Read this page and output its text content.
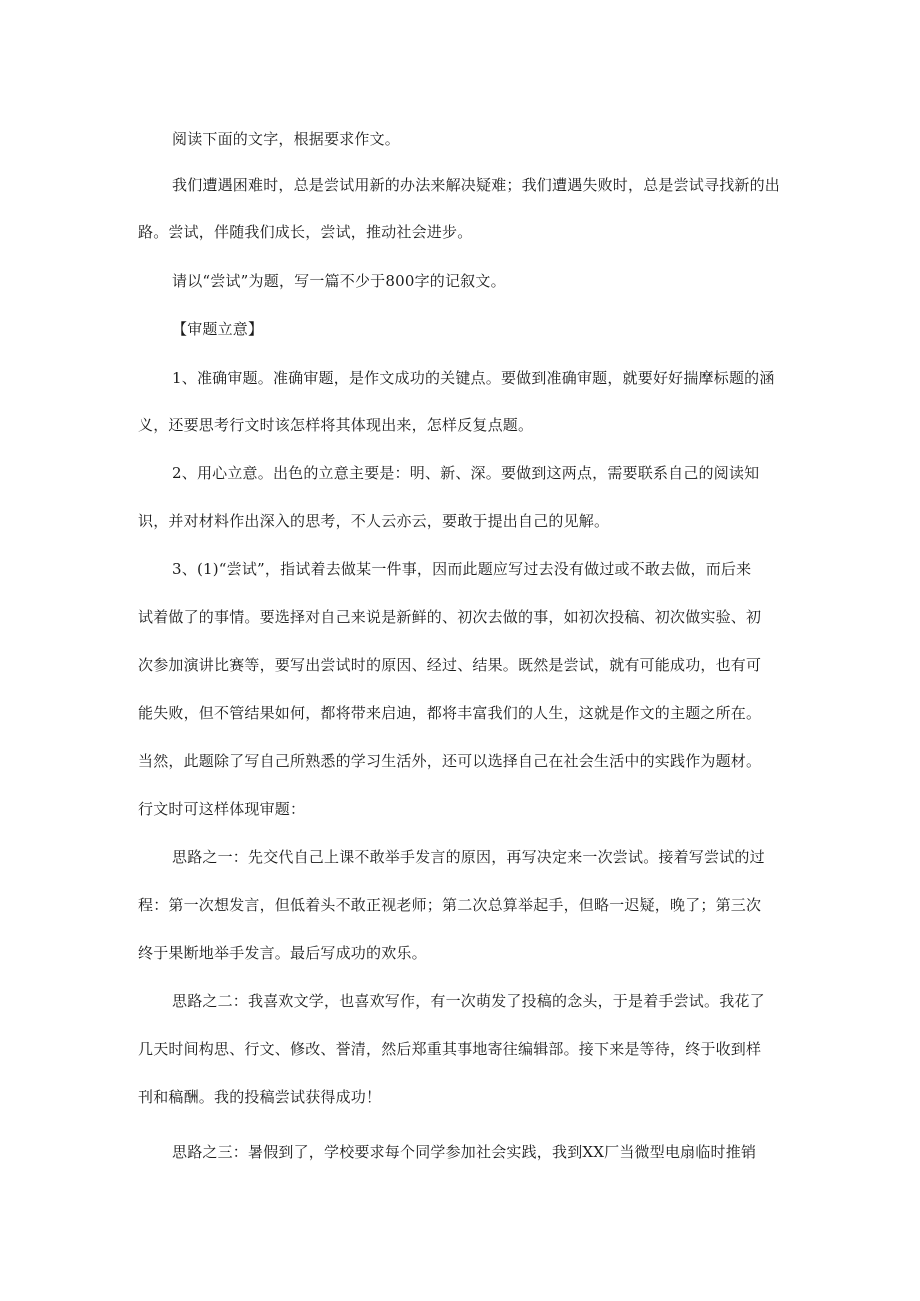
阅读下面的文字，根据要求作文。
我们遭遇困难时，总是尝试用新的办法来解决疑难；我们遭遇失败时，总是尝试寻找新的出
路。尝试，伴随我们成长，尝试，推动社会进步。
请以“尝试”为题，写一篇不少于800字的记叙文。
【审题立意】
1、准确审题。准确审题，是作文成功的关键点。要做到准确审题，就要好好揣摩标题的涵
义，还要思考行文时该怎样将其体现出来，怎样反复点题。
2、用心立意。出色的立意主要是：明、新、深。要做到这两点，需要联系自己的阅读知
识，并对材料作出深入的思考，不人云亦云，要敢于提出自己的见解。
3、(1)“尝试”，指试着去做某一件事，因而此题应写过去没有做过或不敢去做，而后来
试着做了的事情。要选择对自己来说是新鲜的、初次去做的事，如初次投稿、初次做实验、初
次参加演讲比赛等，要写出尝试时的原因、经过、结果。既然是尝试，就有可能成功，也有可
能失败，但不管结果如何，都将带来启迪，都将丰富我们的人生，这就是作文的主题之所在。
当然，此题除了写自己所熟悉的学习生活外，还可以选择自己在社会生活中的实践作为题材。
行文时可这样体现审题：
思路之一：先交代自己上课不敢举手发言的原因，再写决定来一次尝试。接着写尝试的过
程：第一次想发言，但低着头不敢正视老师；第二次总算举起手，但略一迟疑，晚了；第三次
终于果断地举手发言。最后写成功的欢乐。
思路之二：我喜欢文学，也喜欢写作，有一次萌发了投稿的念头，于是着手尝试。我花了
几天时间构思、行文、修改、誉清，然后郑重其事地寄往编辑部。接下来是等待，终于收到样
刊和稿酬。我的投稿尝试获得成功！
思路之三：暑假到了，学校要求每个同学参加社会实践，我到XX厂当微型电扇临时推销
